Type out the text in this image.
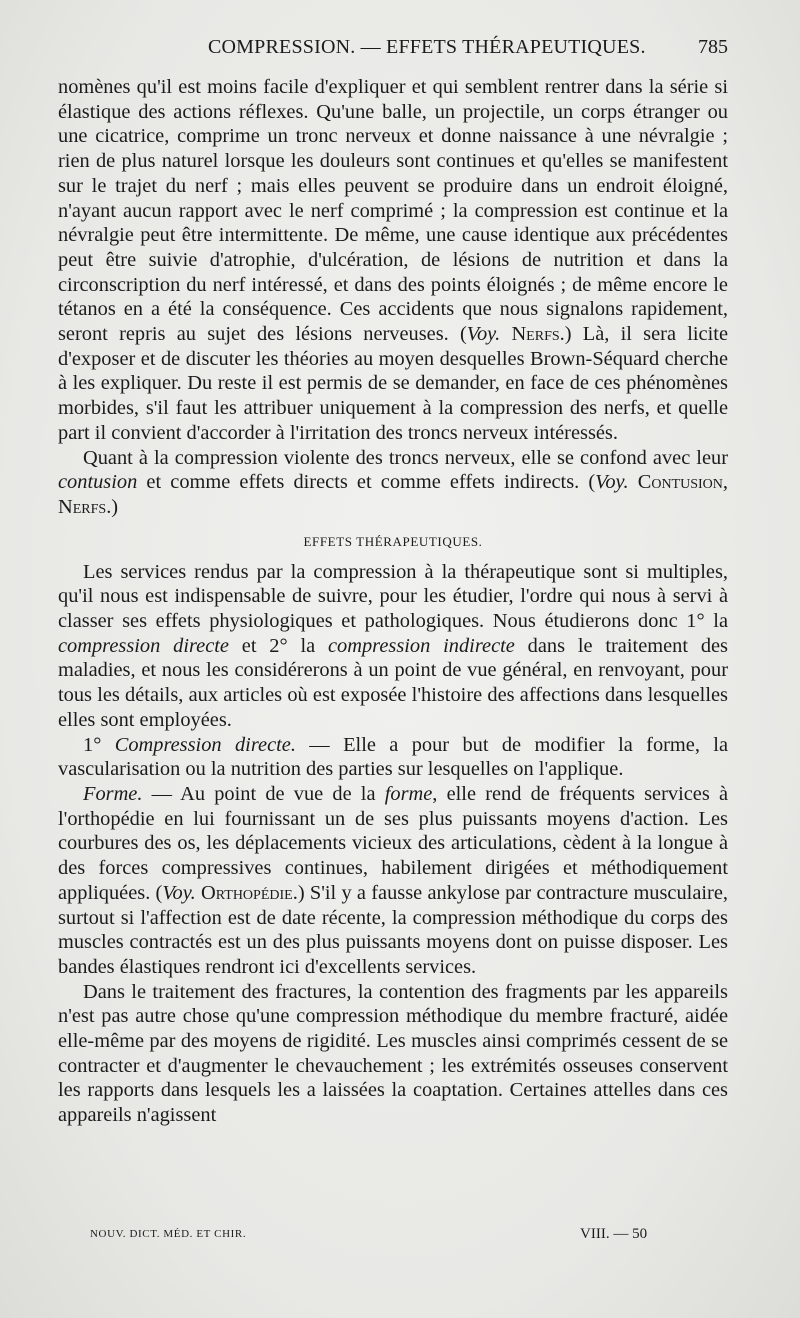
COMPRESSION. — EFFETS THÉRAPEUTIQUES.	785

nomènes qu'il est moins facile d'expliquer et qui semblent rentrer dans la série si élastique des actions réflexes. Qu'une balle, un projectile, un corps étranger ou une cicatrice, comprime un tronc nerveux et donne naissance à une névralgie ; rien de plus naturel lorsque les douleurs sont continues et qu'elles se manifestent sur le trajet du nerf ; mais elles peuvent se produire dans un endroit éloigné, n'ayant aucun rapport avec le nerf comprimé ; la compression est continue et la névralgie peut être intermittente. De même, une cause identique aux précédentes peut être suivie d'atrophie, d'ulcération, de lésions de nutrition et dans la circonscription du nerf intéressé, et dans des points éloignés ; de même encore le tétanos en a été la conséquence. Ces accidents que nous signalons rapidement, seront repris au sujet des lésions nerveuses. (Voy. Nerfs.) Là, il sera licite d'exposer et de discuter les théories au moyen desquelles Brown-Séquard cherche à les expliquer. Du reste il est permis de se demander, en face de ces phénomènes morbides, s'il faut les attribuer uniquement à la compression des nerfs, et quelle part il convient d'accorder à l'irritation des troncs nerveux intéressés.

Quant à la compression violente des troncs nerveux, elle se confond avec leur contusion et comme effets directs et comme effets indirects. (Voy. Contusion, Nerfs.)

EFFETS THÉRAPEUTIQUES.

Les services rendus par la compression à la thérapeutique sont si multiples, qu'il nous est indispensable de suivre, pour les étudier, l'ordre qui nous à servi à classer ses effets physiologiques et pathologiques. Nous étudierons donc 1° la compression directe et 2° la compression indirecte dans le traitement des maladies, et nous les considérerons à un point de vue général, en renvoyant, pour tous les détails, aux articles où est exposée l'histoire des affections dans lesquelles elles sont employées.

1° Compression directe. — Elle a pour but de modifier la forme, la vascularisation ou la nutrition des parties sur lesquelles on l'applique.

Forme. — Au point de vue de la forme, elle rend de fréquents services à l'orthopédie en lui fournissant un de ses plus puissants moyens d'action. Les courbures des os, les déplacements vicieux des articulations, cèdent à la longue à des forces compressives continues, habilement dirigées et méthodiquement appliquées. (Voy. Orthopédie.) S'il y a fausse ankylose par contracture musculaire, surtout si l'affection est de date récente, la compression méthodique du corps des muscles contractés est un des plus puissants moyens dont on puisse disposer. Les bandes élastiques rendront ici d'excellents services.

Dans le traitement des fractures, la contention des fragments par les appareils n'est pas autre chose qu'une compression méthodique du membre fracturé, aidée elle-même par des moyens de rigidité. Les muscles ainsi comprimés cessent de se contracter et d'augmenter le chevauchement ; les extrémités osseuses conservent les rapports dans lesquels les a laissées la coaptation. Certaines attelles dans ces appareils n'agissent

NOUV. DICT. MÉD. ET CHIR.	VIII. — 50
